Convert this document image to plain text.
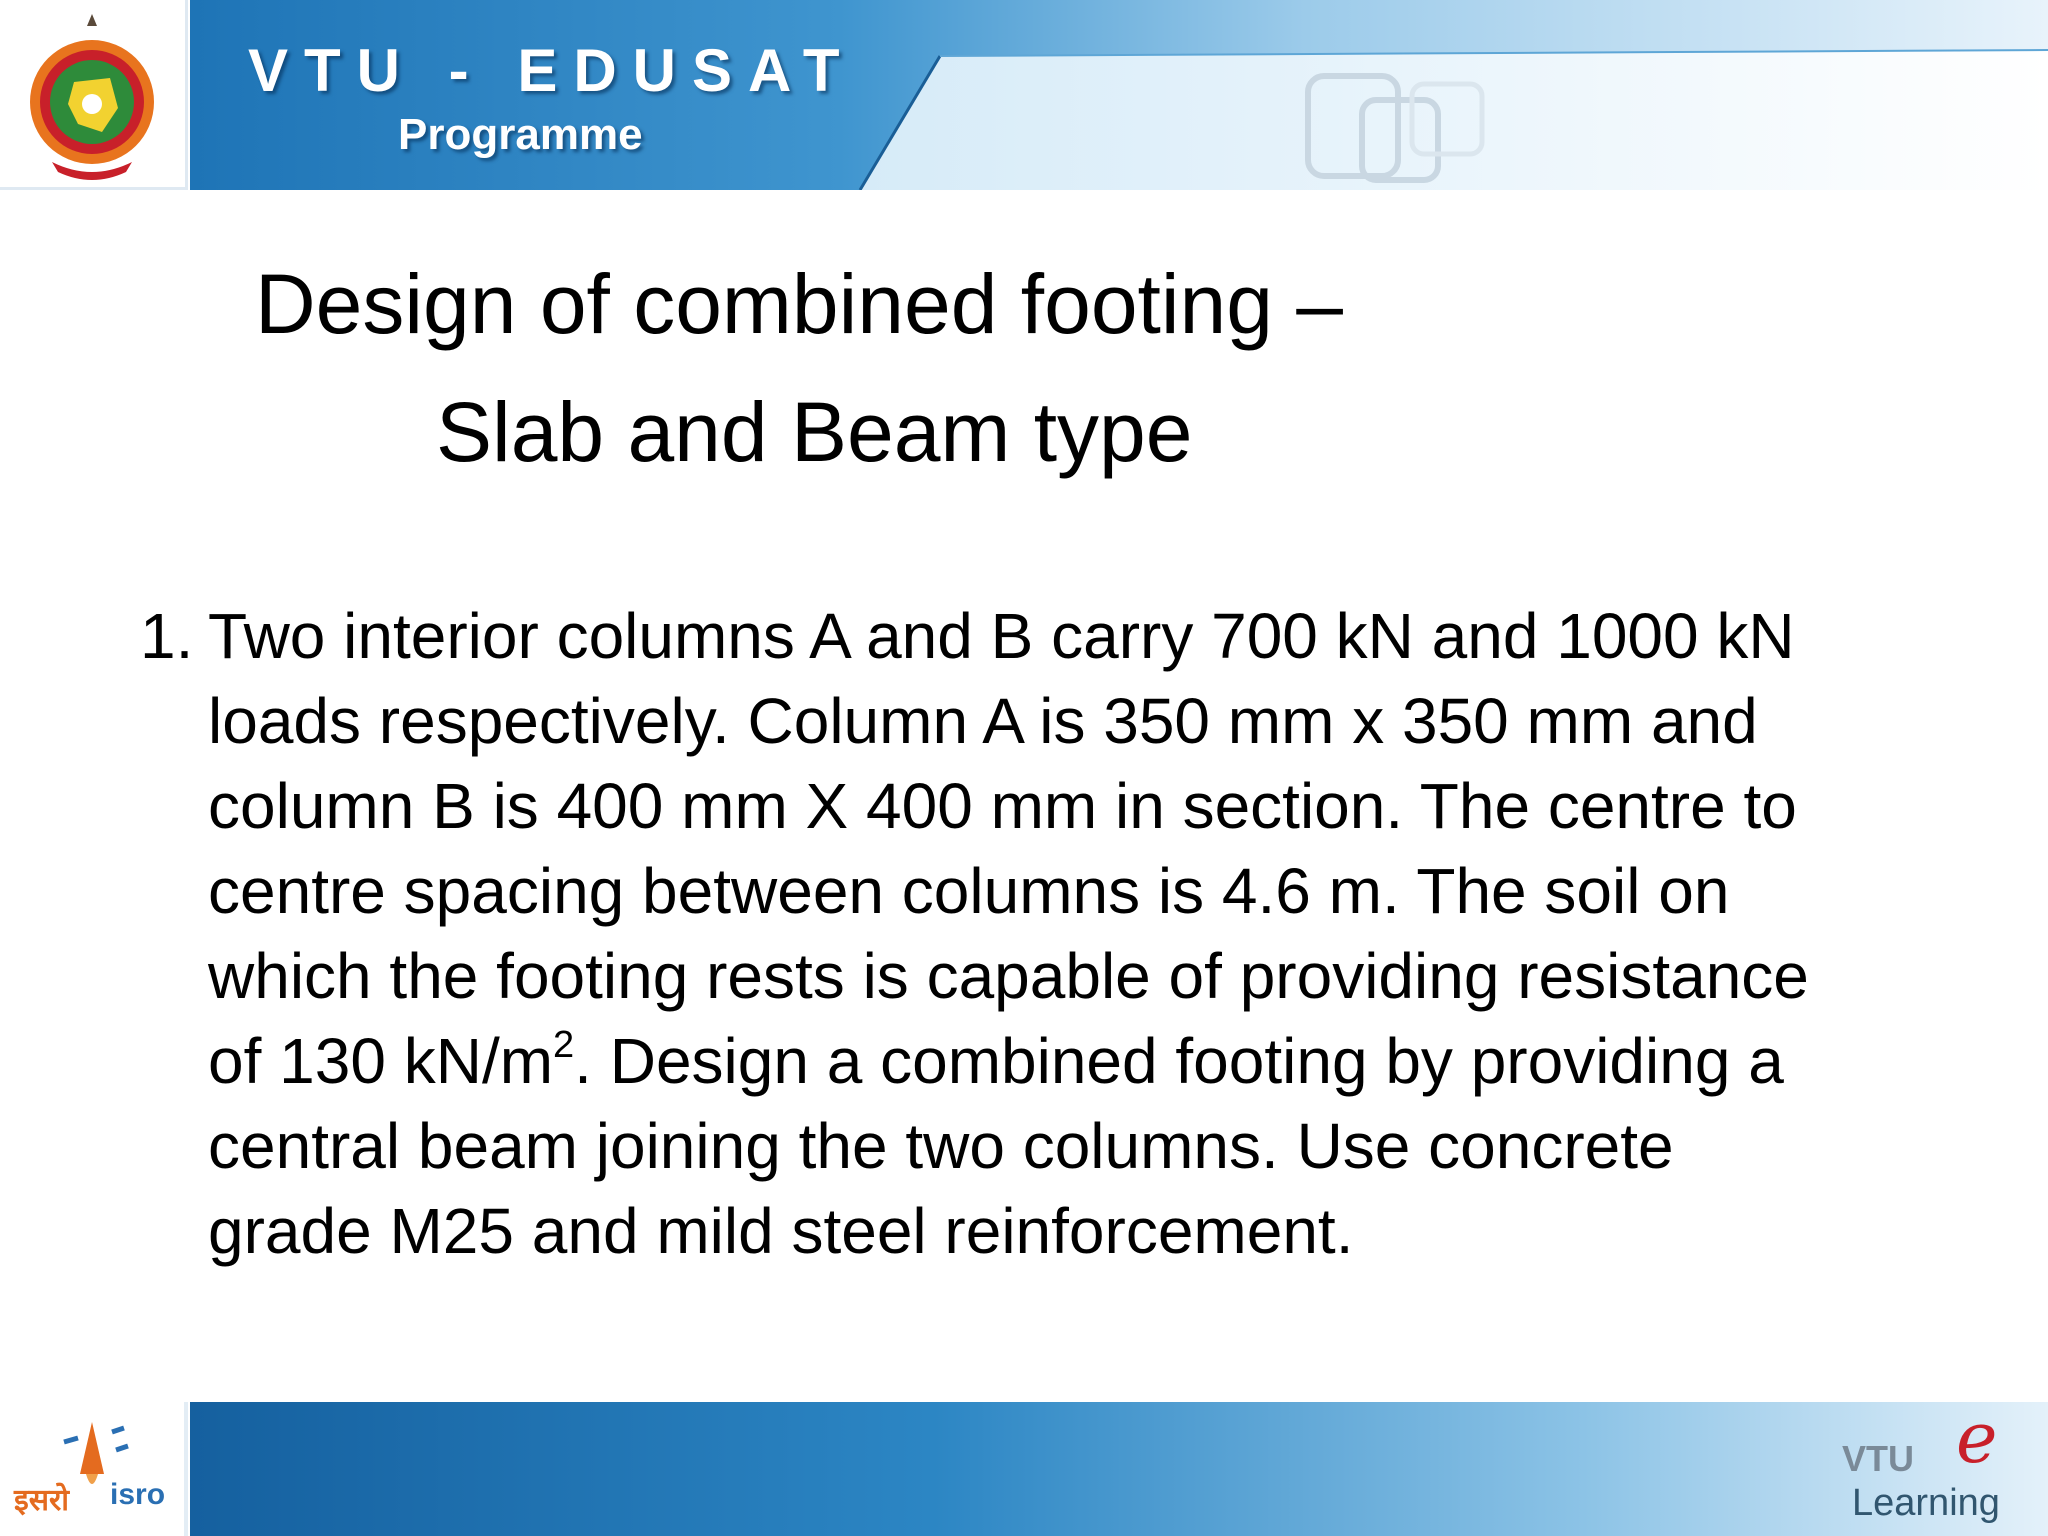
VTU - EDUSAT

Programme

Design of combined footing –
Slab and Beam type
1. Two interior columns A and B carry 700 kN and 1000 kN
loads respectively. Column A is 350 mm x 350 mm and
column B is 400 mm X 400 mm in section. The centre to
centre spacing between columns is 4.6 m. The soil on
which the footing rests is capable of providing resistance
of 130 $kN/m^2$. Design a combined footing by providing a
central beam joining the two columns. Use concrete
grade M25 and mild steel reinforcement.

इसरो isro

e

VTU

Learning
